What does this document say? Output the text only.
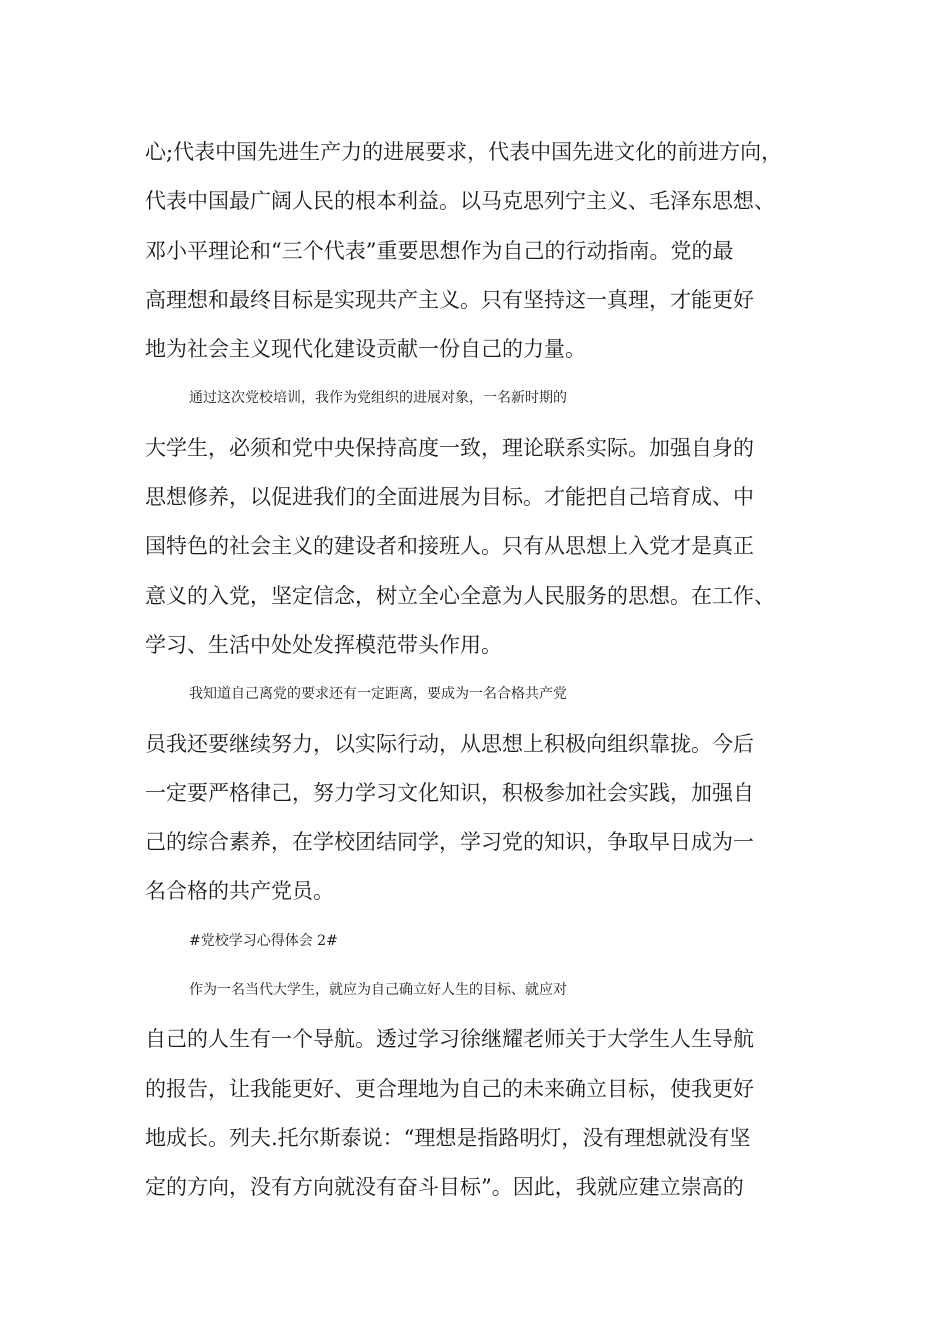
心;代表中国先进生产力的进展要求，代表中国先进文化的前进方向，
代表中国最广阔人民的根本利益。以马克思列宁主义、毛泽东思想、
邓小平理论和“三个代表”重要思想作为自己的行动指南。党的最
高理想和最终目标是实现共产主义。只有坚持这一真理，才能更好
地为社会主义现代化建设贡献一份自己的力量。
通过这次党校培训，我作为党组织的进展对象，一名新时期的
大学生，必须和党中央保持高度一致，理论联系实际。加强自身的
思想修养，以促进我们的全面进展为目标。才能把自己培育成、中
国特色的社会主义的建设者和接班人。只有从思想上入党才是真正
意义的入党，坚定信念，树立全心全意为人民服务的思想。在工作、
学习、生活中处处发挥模范带头作用。
我知道自己离党的要求还有一定距离，要成为一名合格共产党
员我还要继续努力，以实际行动，从思想上积极向组织靠拢。今后
一定要严格律己，努力学习文化知识，积极参加社会实践，加强自
己的综合素养，在学校团结同学，学习党的知识，争取早日成为一
名合格的共产党员。
#党校学习心得体会 2#
作为一名当代大学生，就应为自己确立好人生的目标、就应对
自己的人生有一个导航。透过学习徐继耀老师关于大学生人生导航
的报告，让我能更好、更合理地为自己的未来确立目标，使我更好
地成长。列夫.托尔斯泰说：“理想是指路明灯，没有理想就没有坚
定的方向，没有方向就没有奋斗目标”。因此，我就应建立崇高的
